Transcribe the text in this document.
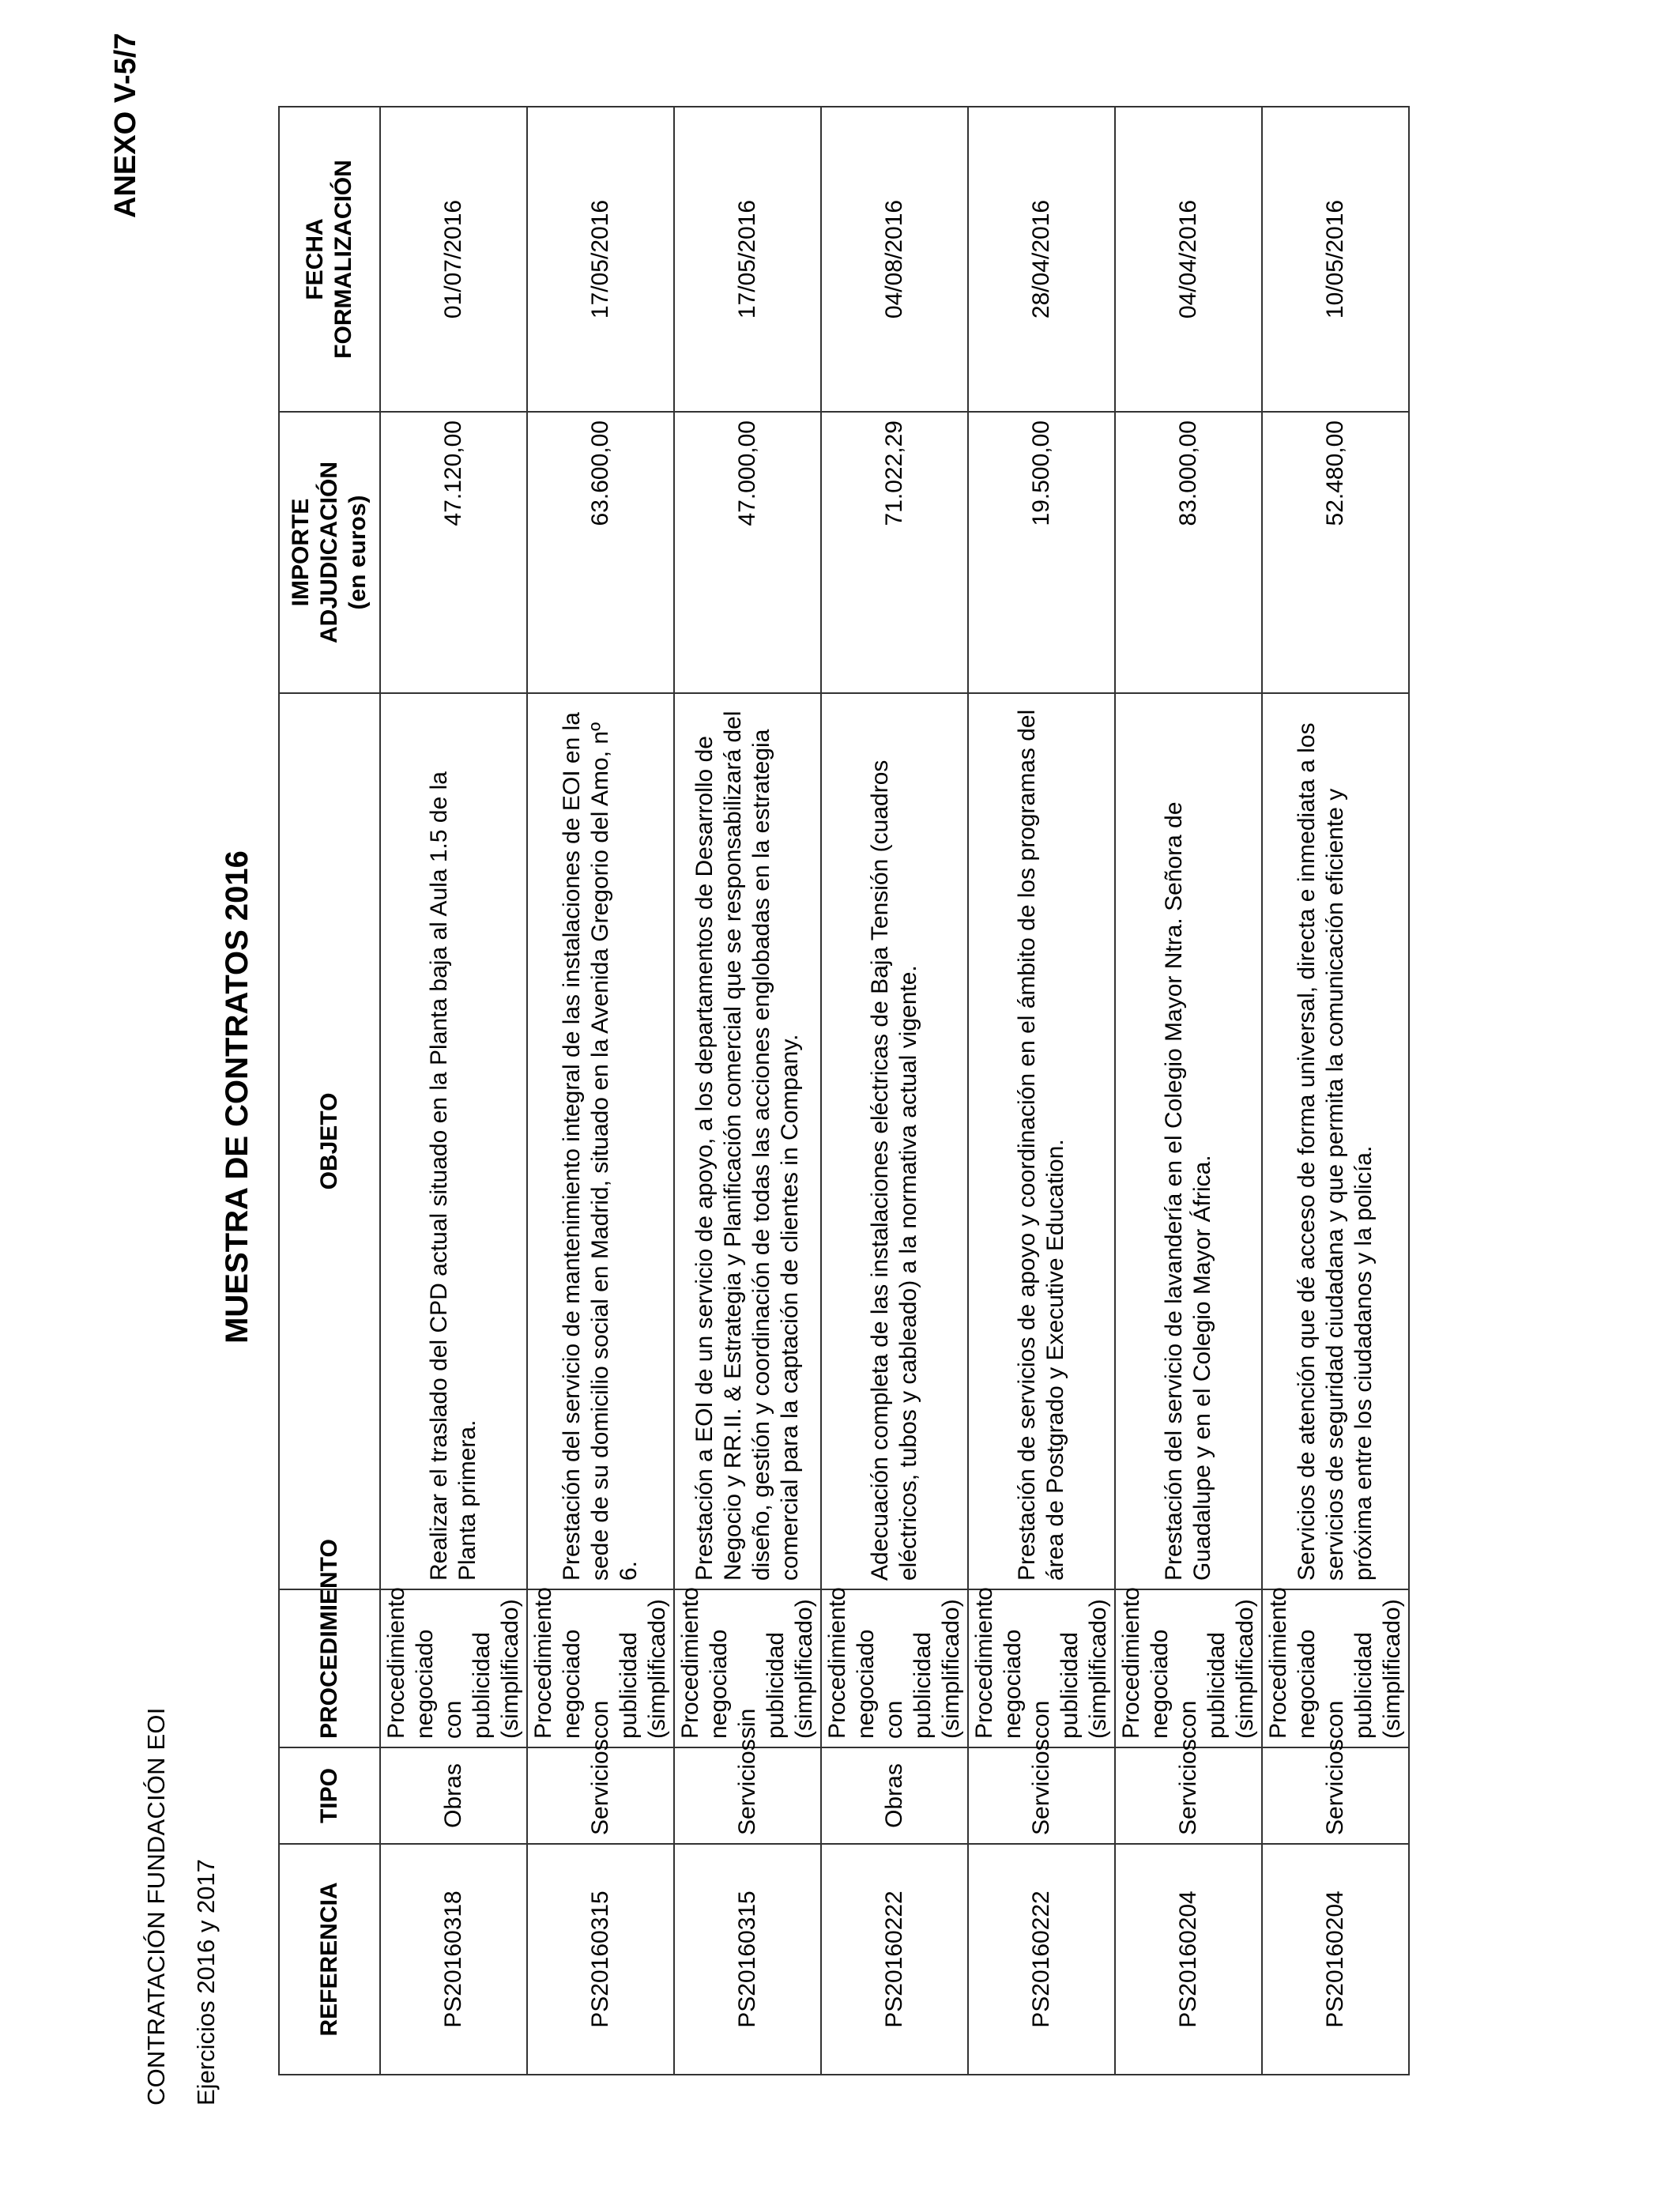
CONTRATACIÓN FUNDACIÓN EOI Ejercicios 2016 y 2017
ANEXO V-5/7
MUESTRA DE CONTRATOS 2016
REFERENCIA	TIPO	PROCEDIMIENTO	OBJETO	IMPORTE ADJUDICACIÓN (en euros)	FECHA FORMALIZACIÓN
PS20160318	Obras	Procedimiento negociado con publicidad (simplificado)	Realizar el traslado del CPD actual situado en la Planta baja al Aula 1.5 de la Planta primera.	47.120,00	01/07/2016
PS20160315	Servicios	Procedimiento negociado con publicidad (simplificado)	Prestación del servicio de mantenimiento integral de las instalaciones de EOI en la sede de su domicilio social en Madrid, situado en la Avenida Gregorio del Amo, nº 6.	63.600,00	17/05/2016
PS20160315	Servicios	Procedimiento negociado sin publicidad (simplificado)	Prestación a EOI de un servicio de apoyo, a los departamentos de Desarrollo de Negocio y RR.II. & Estrategia y Planificación comercial que se responsabilizará del diseño, gestión y coordinación de todas las acciones englobadas en la estrategia comercial para la captación de clientes in Company.	47.000,00	17/05/2016
PS20160222	Obras	Procedimiento negociado con publicidad (simplificado)	Adecuación completa de las instalaciones eléctricas de Baja Tensión (cuadros eléctricos, tubos y cableado) a la normativa actual vigente.	71.022,29	04/08/2016
PS20160222	Servicios	Procedimiento negociado con publicidad (simplificado)	Prestación de servicios de apoyo y coordinación en el ámbito de los programas del área de Postgrado y Executive Education.	19.500,00	28/04/2016
PS20160204	Servicios	Procedimiento negociado con publicidad (simplificado)	Prestación del servicio de lavandería en el Colegio Mayor Ntra. Señora de Guadalupe y en el Colegio Mayor África.	83.000,00	04/04/2016
PS20160204	Servicios	Procedimiento negociado con publicidad (simplificado)	Servicios de atención que dé acceso de forma universal, directa e inmediata a los servicios de seguridad ciudadana y que permita la comunicación eficiente y próxima entre los ciudadanos y la policía.	52.480,00	10/05/2016
